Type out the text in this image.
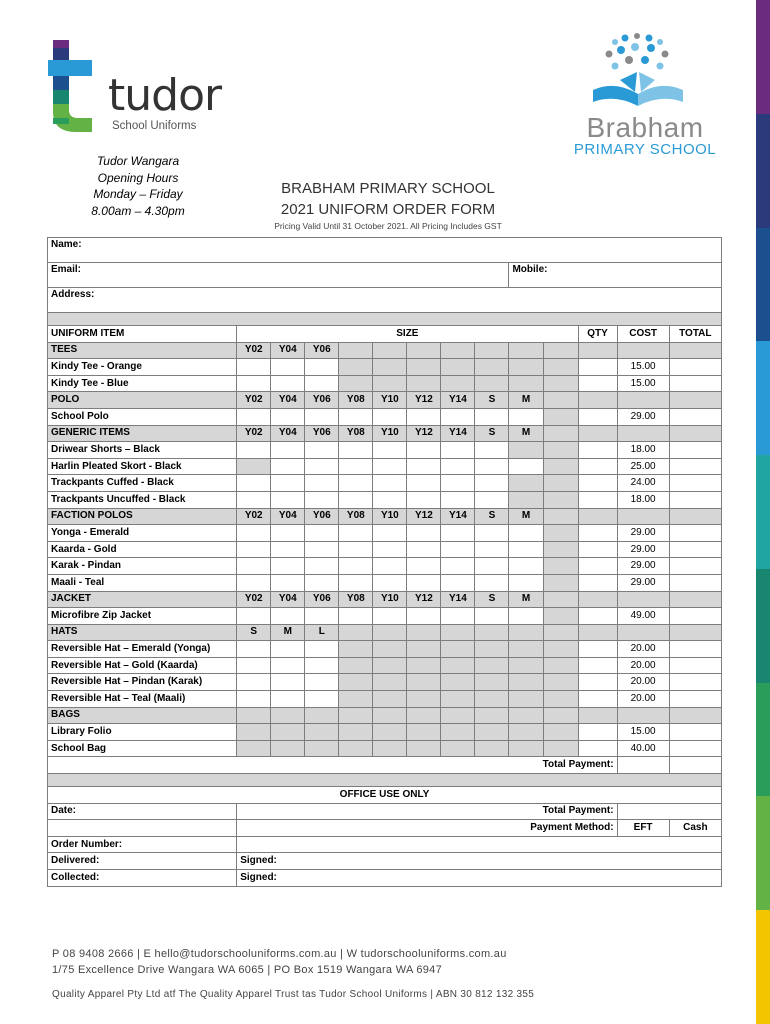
tudor
School Uniforms	Brabham
PRIMARY SCHOOL
Tudor Wangara
Opening Hours
Monday – Friday
8.00am – 4.30pm
BRABHAM PRIMARY SCHOOL
2021 UNIFORM ORDER FORM
Pricing Valid Until 31 October 2021. All Pricing Includes GST
Name:													
Email:									Mobile:				
Address:													

UNIFORM ITEM	SIZE										QTY	COST	TOTAL
TEES	Y02	Y04	Y06										
Kindy Tee - Orange												15.00	
Kindy Tee - Blue												15.00	
POLO	Y02	Y04	Y06	Y08	Y10	Y12	Y14	S	M				
School Polo												29.00	
GENERIC ITEMS	Y02	Y04	Y06	Y08	Y10	Y12	Y14	S	M				
Driwear Shorts – Black												18.00	
Harlin Pleated Skort - Black												25.00	
Trackpants Cuffed - Black												24.00	
Trackpants Uncuffed - Black												18.00	
FACTION POLOS	Y02	Y04	Y06	Y08	Y10	Y12	Y14	S	M				
Yonga - Emerald												29.00	
Kaarda - Gold												29.00	
Karak - Pindan												29.00	
Maali - Teal												29.00	
JACKET	Y02	Y04	Y06	Y08	Y10	Y12	Y14	S	M				
Microfibre Zip Jacket												49.00	
HATS	S	M	L										
Reversible Hat – Emerald (Yonga)												20.00	
Reversible Hat – Gold (Kaarda)												20.00	
Reversible Hat – Pindan (Karak)												20.00	
Reversible Hat – Teal (Maali)												20.00	
BAGS													
Library Folio												15.00	
School Bag												40.00	
Total Payment:													

OFFICE USE ONLY													
Date:	Total Payment:												
	Payment Method:											EFT	Cash
Order Number:													
Delivered:	Signed:												
Collected:	Signed:												
P 08 9408 2666 | E hello@tudorschooluniforms.com.au | W tudorschooluniforms.com.au
1/75 Excellence Drive Wangara WA 6065 | PO Box 1519 Wangara WA 6947
Quality Apparel Pty Ltd atf The Quality Apparel Trust tas Tudor School Uniforms | ABN 30 812 132 355
